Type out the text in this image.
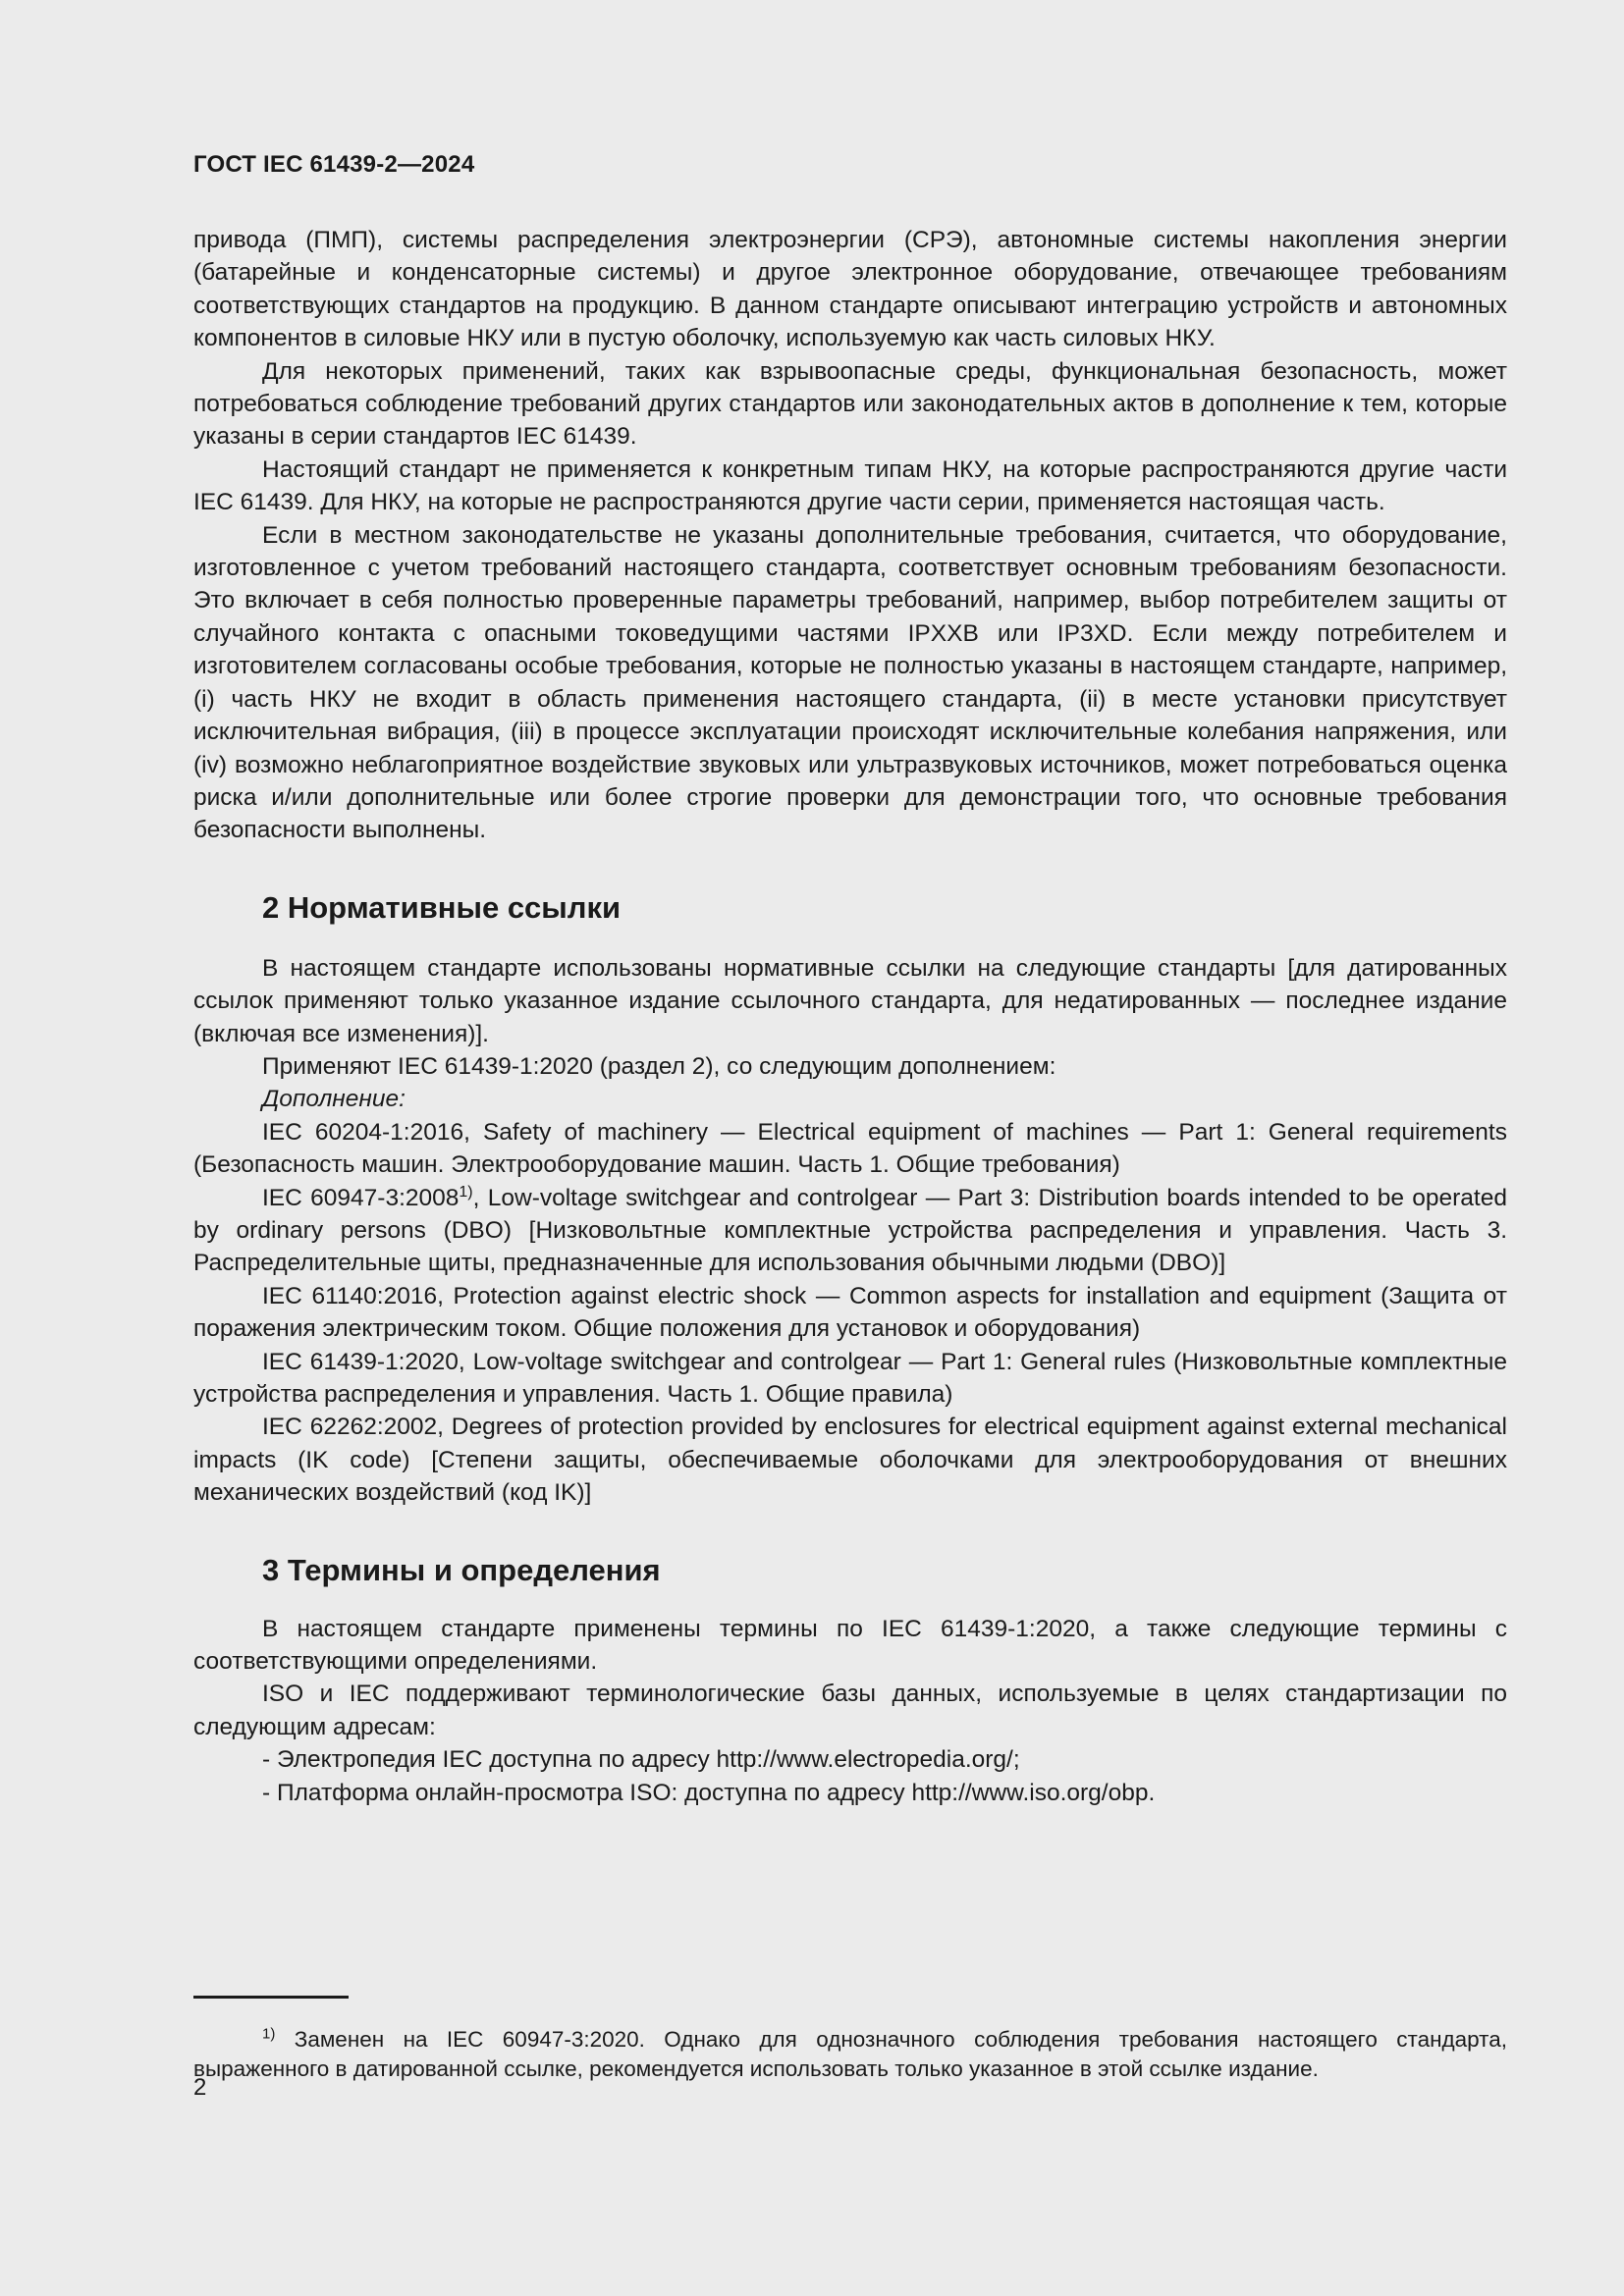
ГОСТ IEC 61439-2—2024

привода (ПМП), системы распределения электроэнергии (СРЭ), автономные системы накопления энергии (батарейные и конденсаторные системы) и другое электронное оборудование, отвечающее требованиям соответствующих стандартов на продукцию. В данном стандарте описывают интеграцию устройств и автономных компонентов в силовые НКУ или в пустую оболочку, используемую как часть силовых НКУ.

Для некоторых применений, таких как взрывоопасные среды, функциональная безопасность, может потребоваться соблюдение требований других стандартов или законодательных актов в дополнение к тем, которые указаны в серии стандартов IEC 61439.

Настоящий стандарт не применяется к конкретным типам НКУ, на которые распространяются другие части IEC 61439. Для НКУ, на которые не распространяются другие части серии, применяется настоящая часть.

Если в местном законодательстве не указаны дополнительные требования, считается, что оборудование, изготовленное с учетом требований настоящего стандарта, соответствует основным требованиям безопасности. Это включает в себя полностью проверенные параметры требований, например, выбор потребителем защиты от случайного контакта с опасными токоведущими частями IPXXB или IP3XD. Если между потребителем и изготовителем согласованы особые требования, которые не полностью указаны в настоящем стандарте, например, (i) часть НКУ не входит в область применения настоящего стандарта, (ii) в месте установки присутствует исключительная вибрация, (iii) в процессе эксплуатации происходят исключительные колебания напряжения, или (iv) возможно неблагоприятное воздействие звуковых или ультразвуковых источников, может потребоваться оценка риска и/или дополнительные или более строгие проверки для демонстрации того, что основные требования безопасности выполнены.

2 Нормативные ссылки

В настоящем стандарте использованы нормативные ссылки на следующие стандарты [для датированных ссылок применяют только указанное издание ссылочного стандарта, для недатированных — последнее издание (включая все изменения)].

Применяют IEC 61439-1:2020 (раздел 2), со следующим дополнением:

Дополнение:

IEC 60204-1:2016, Safety of machinery — Electrical equipment of machines — Part 1: General requirements (Безопасность машин. Электрооборудование машин. Часть 1. Общие требования)

IEC 60947-3:2008$^{1)}$, Low-voltage switchgear and controlgear — Part 3: Distribution boards intended to be operated by ordinary persons (DBO) [Низковольтные комплектные устройства распределения и управления. Часть 3. Распределительные щиты, предназначенные для использования обычными людьми (DBO)]

IEC 61140:2016, Protection against electric shock — Common aspects for installation and equipment (Защита от поражения электрическим током. Общие положения для установок и оборудования)

IEC 61439-1:2020, Low-voltage switchgear and controlgear — Part 1: General rules (Низковольтные комплектные устройства распределения и управления. Часть 1. Общие правила)

IEC 62262:2002, Degrees of protection provided by enclosures for electrical equipment against external mechanical impacts (IK code) [Степени защиты, обеспечиваемые оболочками для электрооборудования от внешних механических воздействий (код IK)]

3 Термины и определения

В настоящем стандарте применены термины по IEC 61439-1:2020, а также следующие термины с соответствующими определениями.

ISO и IEC поддерживают терминологические базы данных, используемые в целях стандартизации по следующим адресам:

- Электропедия IEC доступна по адресу http://www.electropedia.org/;

- Платформа онлайн-просмотра ISO: доступна по адресу http://www.iso.org/obp.

$^{1)}$ Заменен на IEC 60947-3:2020. Однако для однозначного соблюдения требования настоящего стандарта, выраженного в датированной ссылке, рекомендуется использовать только указанное в этой ссылке издание.

2
